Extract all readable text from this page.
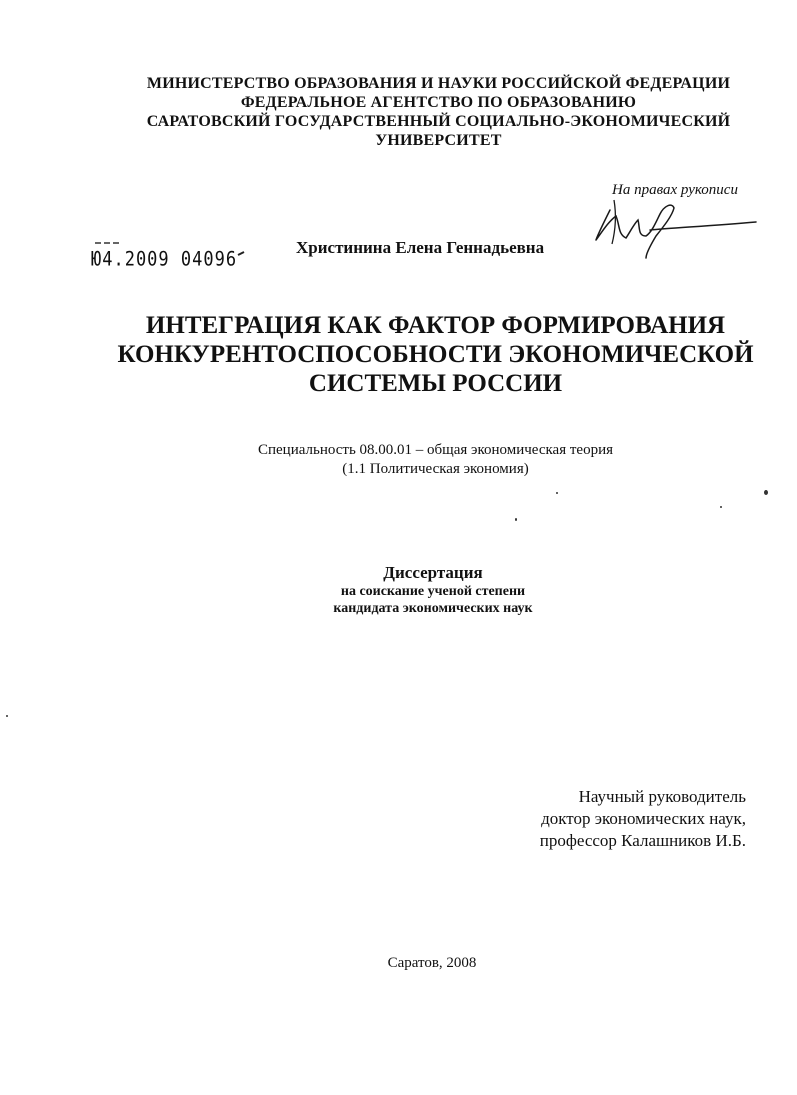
МИНИСТЕРСТВО ОБРАЗОВАНИЯ И НАУКИ РОССИЙСКОЙ ФЕДЕРАЦИИ
ФЕДЕРАЛЬНОЕ АГЕНТСТВО ПО ОБРАЗОВАНИЮ
САРАТОВСКИЙ ГОСУДАРСТВЕННЫЙ СОЦИАЛЬНО-ЭКОНОМИЧЕСКИЙ
УНИВЕРСИТЕТ
На правах рукописи
Ю4.2009 04096
Христинина Елена Геннадьевна
ИНТЕГРАЦИЯ КАК ФАКТОР ФОРМИРОВАНИЯ
КОНКУРЕНТОСПОСОБНОСТИ ЭКОНОМИЧЕСКОЙ
СИСТЕМЫ РОССИИ
Специальность 08.00.01 – общая экономическая теория
(1.1 Политическая экономия)
Диссертация
на соискание ученой степени
кандидата экономических наук
Научный руководитель
доктор экономических наук,
профессор Калашников И.Б.
Саратов, 2008
